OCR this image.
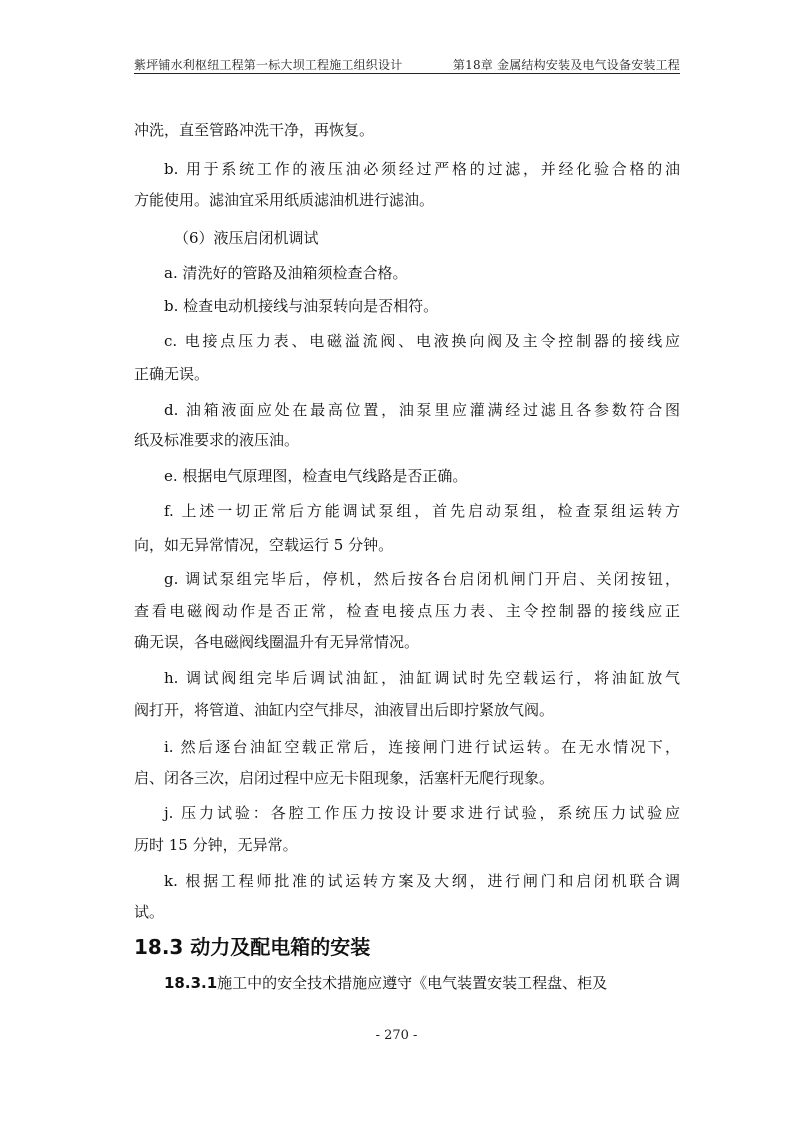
紫坪铺水利枢纽工程第一标大坝工程施工组织设计	第18章 金属结构安装及电气设备安装工程
冲洗，直至管路冲洗干净，再恢复。
b. 用于系统工作的液压油必须经过严格的过滤，并经化验合格的油
方能使用。滤油宜采用纸质滤油机进行滤油。
（6）液压启闭机调试
a. 清洗好的管路及油箱须检查合格。
b. 检查电动机接线与油泵转向是否相符。
c. 电接点压力表、电磁溢流阀、电液换向阀及主令控制器的接线应
正确无误。
d. 油箱液面应处在最高位置，油泵里应灌满经过滤且各参数符合图
纸及标准要求的液压油。
e. 根据电气原理图，检查电气线路是否正确。
f. 上述一切正常后方能调试泵组，首先启动泵组，检查泵组运转方
向，如无异常情况，空载运行 5 分钟。
g. 调试泵组完毕后，停机，然后按各台启闭机闸门开启、关闭按钮，
查看电磁阀动作是否正常，检查电接点压力表、主令控制器的接线应正
确无误，各电磁阀线圈温升有无异常情况。
h. 调试阀组完毕后调试油缸，油缸调试时先空载运行，将油缸放气
阀打开，将管道、油缸内空气排尽，油液冒出后即拧紧放气阀。
i. 然后逐台油缸空载正常后，连接闸门进行试运转。在无水情况下，
启、闭各三次，启闭过程中应无卡阻现象，活塞杆无爬行现象。
j. 压力试验：各腔工作压力按设计要求进行试验，系统压力试验应
历时 15 分钟，无异常。
k. 根据工程师批准的试运转方案及大纲，进行闸门和启闭机联合调
试。
18.3 动力及配电箱的安装
18.3.1施工中的安全技术措施应遵守《电气装置安装工程盘、柜及
- 270 -
